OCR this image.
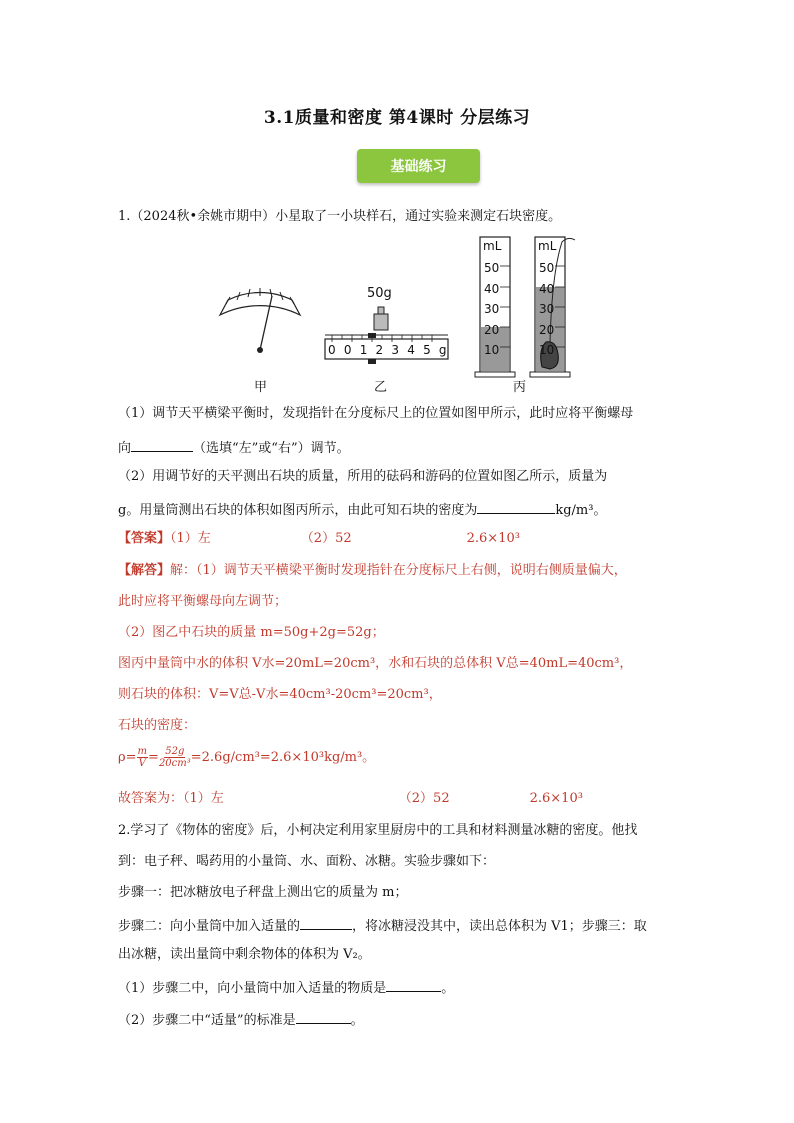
3.1质量和密度 第4课时 分层练习
基础练习
1.（2024秋•余姚市期中）小星取了一小块样石，通过实验来测定石块密度。
50g
0012345g
mL	mL
50
40
30
20
10
50
40
30
20
10
甲	乙	丙
（1）调节天平横梁平衡时，发现指针在分度标尺上的位置如图甲所示，此时应将平衡螺母
向	（选填“左”或“右”）调节。
（2）用调节好的天平测出石块的质量，所用的砝码和游码的位置如图乙所示，质量为
g。用量筒测出石块的体积如图丙所示，由此可知石块的密度为	kg/m³。
【答案】（1）左	（2）52	2.6×10³
【解答】解：（1）调节天平横梁平衡时发现指针在分度标尺上右侧，说明右侧质量偏大，
此时应将平衡螺母向左调节；
（2）图乙中石块的质量 m=50g+2g=52g；
图丙中量筒中水的体积 V水=20mL=20cm³，水和石块的总体积 V总=40mL=40cm³，
则石块的体积：V=V总-V水=40cm³-20cm³=20cm³，
石块的密度：
$\rho= \frac{m}{V} = \frac{52g}{\text{20cm³}} =2.6g/cm^3=2.6\times 10^3kg/m^3$。
故答案为：（1）左	（2）52	2.6×10³
2.学习了《物体的密度》后，小柯决定利用家里厨房中的工具和材料测量冰糖的密度。他找
到：电子秤、喝药用的小量筒、水、面粉、冰糖。实验步骤如下：
步骤一：把冰糖放电子秤盘上测出它的质量为 m；
步骤二：向小量筒中加入适量的	，将冰糖浸没其中，读出总体积为 V1；步骤三：取
出冰糖，读出量筒中剩余物体的体积为 V₂。
（1）步骤二中，向小量筒中加入适量的物质是	。
（2）步骤二中“适量”的标准是	。
